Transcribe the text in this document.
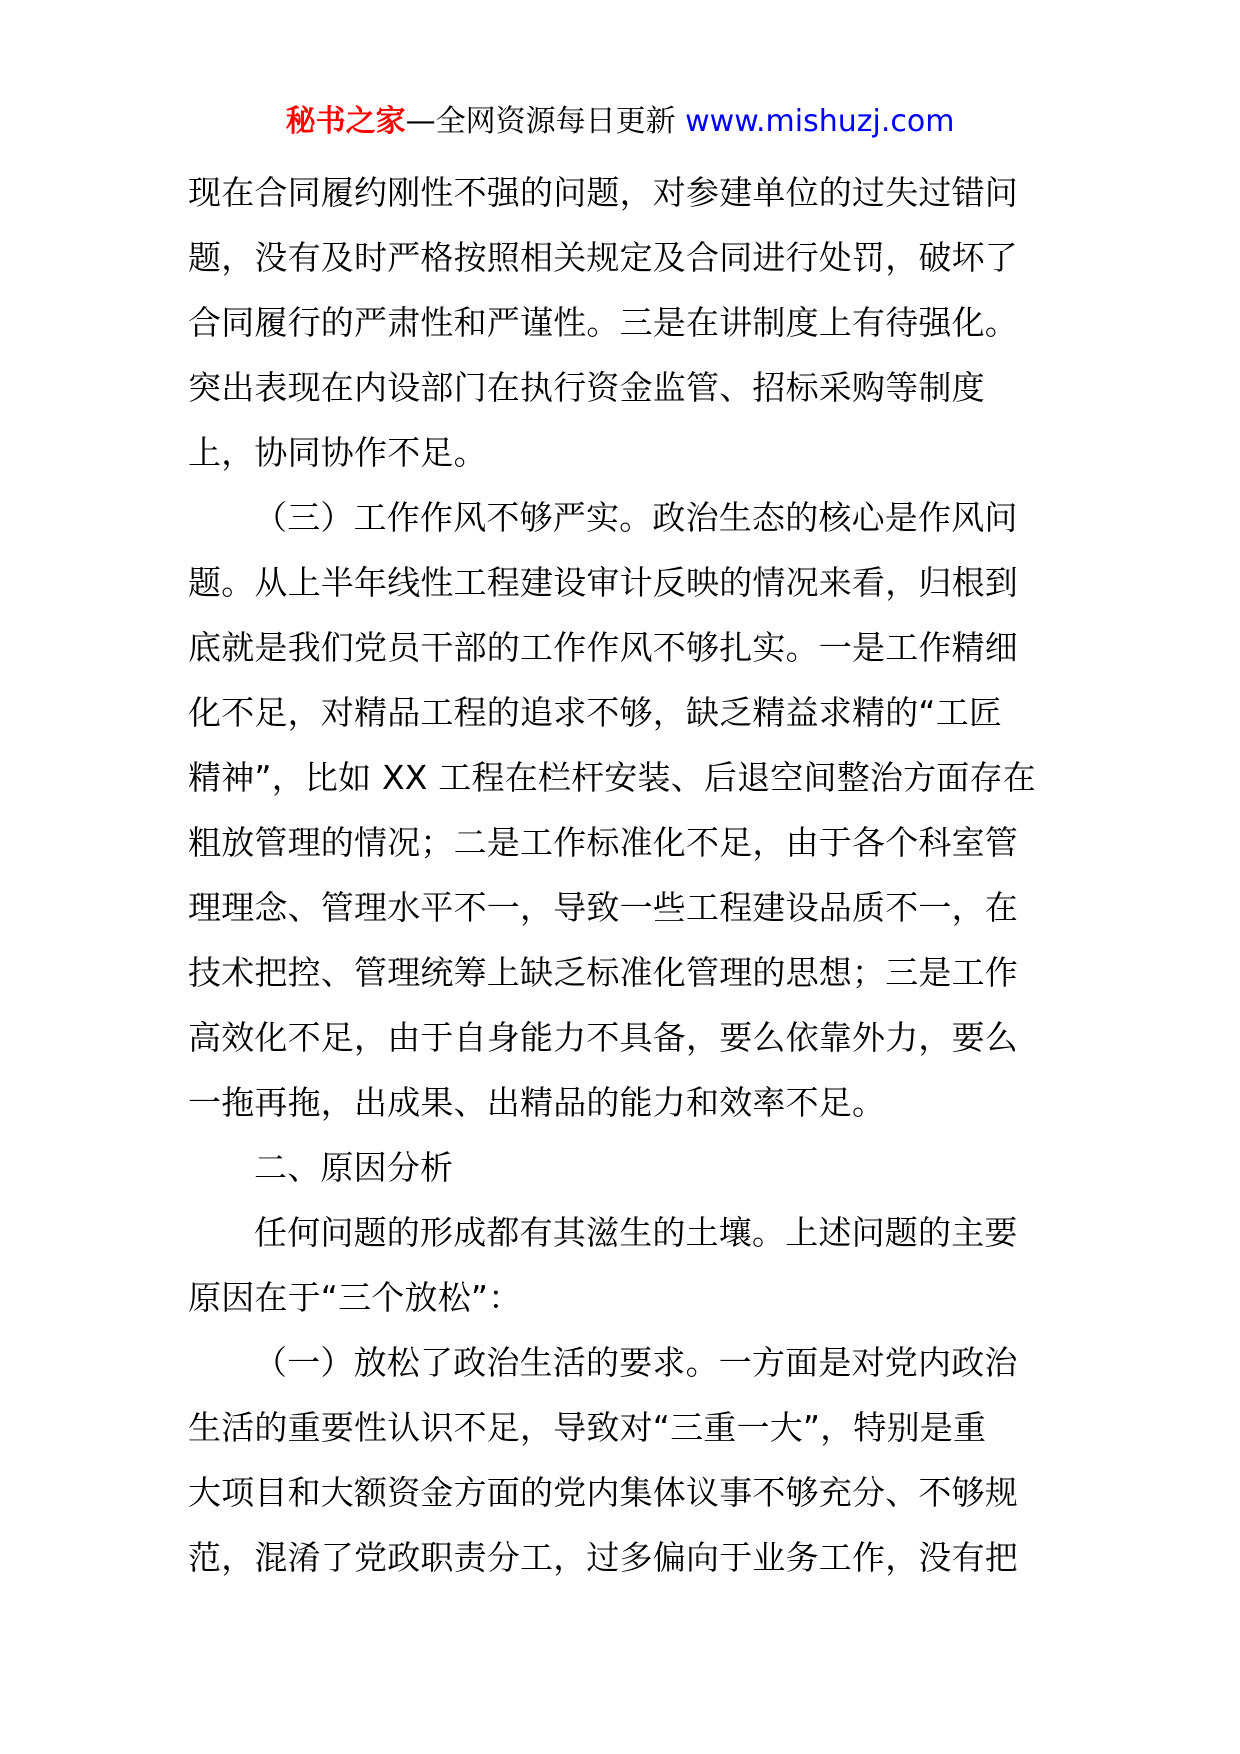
秘书之家—全网资源每日更新 www.mishuzj.com
现在合同履约刚性不强的问题，对参建单位的过失过错问
题，没有及时严格按照相关规定及合同进行处罚，破坏了
合同履行的严肃性和严谨性。三是在讲制度上有待强化。
突出表现在内设部门在执行资金监管、招标采购等制度
上，协同协作不足。
（三）工作作风不够严实。政治生态的核心是作风问
题。从上半年线性工程建设审计反映的情况来看，归根到
底就是我们党员干部的工作作风不够扎实。一是工作精细
化不足，对精品工程的追求不够，缺乏精益求精的“工匠
精神”，比如 XX 工程在栏杆安装、后退空间整治方面存在
粗放管理的情况；二是工作标准化不足，由于各个科室管
理理念、管理水平不一，导致一些工程建设品质不一，在
技术把控、管理统筹上缺乏标准化管理的思想；三是工作
高效化不足，由于自身能力不具备，要么依靠外力，要么
一拖再拖，出成果、出精品的能力和效率不足。
二、原因分析
任何问题的形成都有其滋生的土壤。上述问题的主要
原因在于“三个放松”：
（一）放松了政治生活的要求。一方面是对党内政治
生活的重要性认识不足，导致对“三重一大”，特别是重
大项目和大额资金方面的党内集体议事不够充分、不够规
范，混淆了党政职责分工，过多偏向于业务工作，没有把
